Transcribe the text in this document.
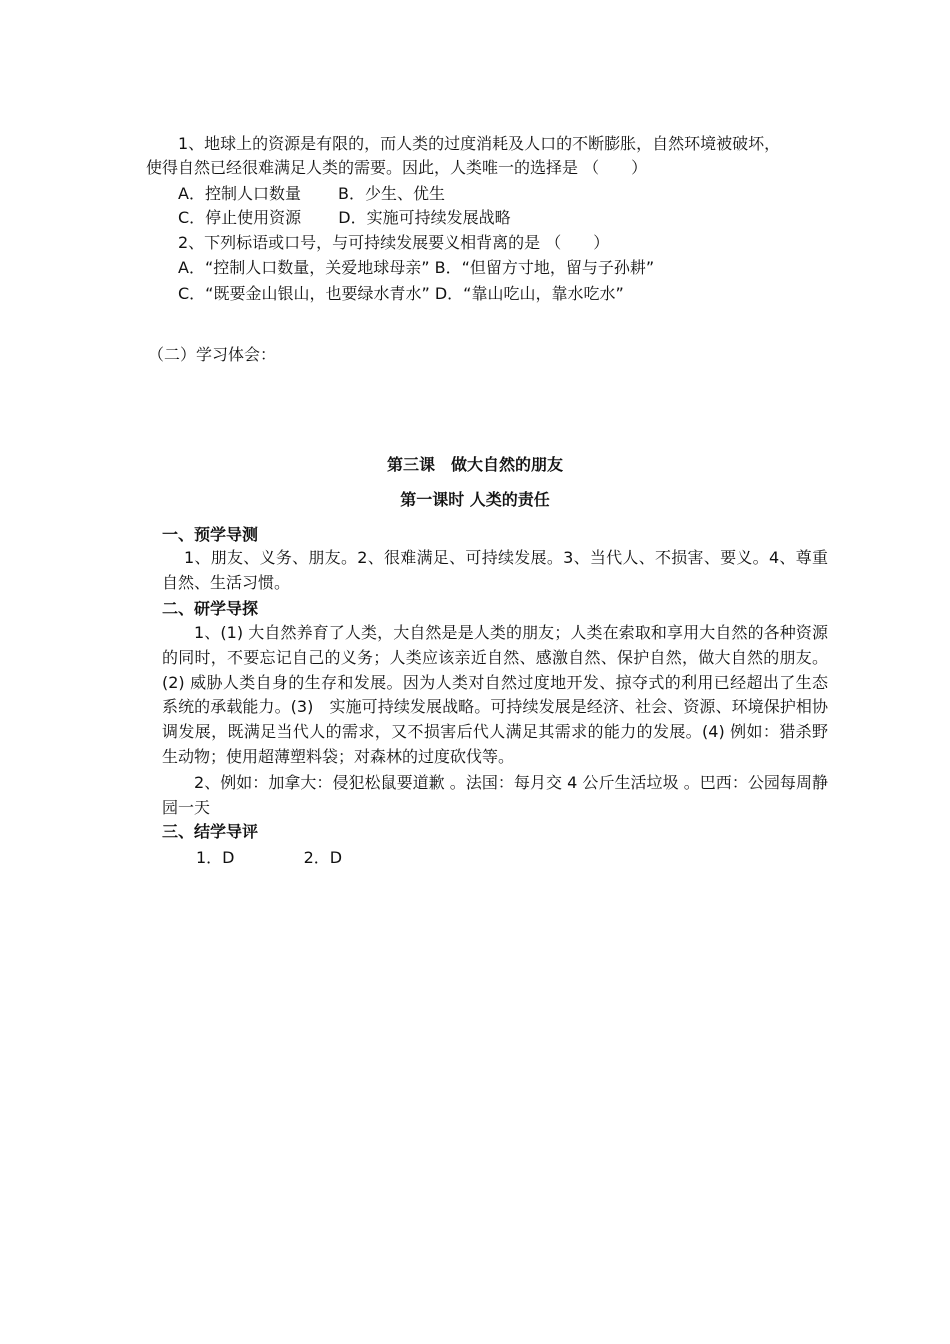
1、地球上的资源是有限的，而人类的过度消耗及人口的不断膨胀，自然环境被破坏，
使得自然已经很难满足人类的需要。因此，人类唯一的选择是 （　　）
A．控制人口数量　　 B．少生、优生
C．停止使用资源　　 D．实施可持续发展战略
2、下列标语或口号，与可持续发展要义相背离的是 （　　）
A．“控制人口数量，关爱地球母亲” B．“但留方寸地，留与子孙耕”
C．“既要金山银山，也要绿水青水” D．“靠山吃山，靠水吃水”
（二）学习体会：
第三课　做大自然的朋友
第一课时 人类的责任
一、预学导测
1、朋友、义务、朋友。2、很难满足、可持续发展。3、当代人、不损害、要义。4、尊重自然、生活习惯。
二、研学导探
1、(1) 大自然养育了人类，大自然是是人类的朋友；人类在索取和享用大自然的各种资源的同时，不要忘记自己的义务；人类应该亲近自然、感激自然、保护自然，做大自然的朋友。(2) 威胁人类自身的生存和发展。因为人类对自然过度地开发、掠夺式的利用已经超出了生态系统的承载能力。(3)　实施可持续发展战略。可持续发展是经济、社会、资源、环境保护相协调发展，既满足当代人的需求，又不损害后代人满足其需求的能力的发展。(4) 例如：猎杀野生动物；使用超薄塑料袋；对森林的过度砍伐等。
2、例如：加拿大：侵犯松鼠要道歉 。法国：每月交 4 公斤生活垃圾 。巴西：公园每周静园一天
三、结学导评
1．D　　　　 2．D
